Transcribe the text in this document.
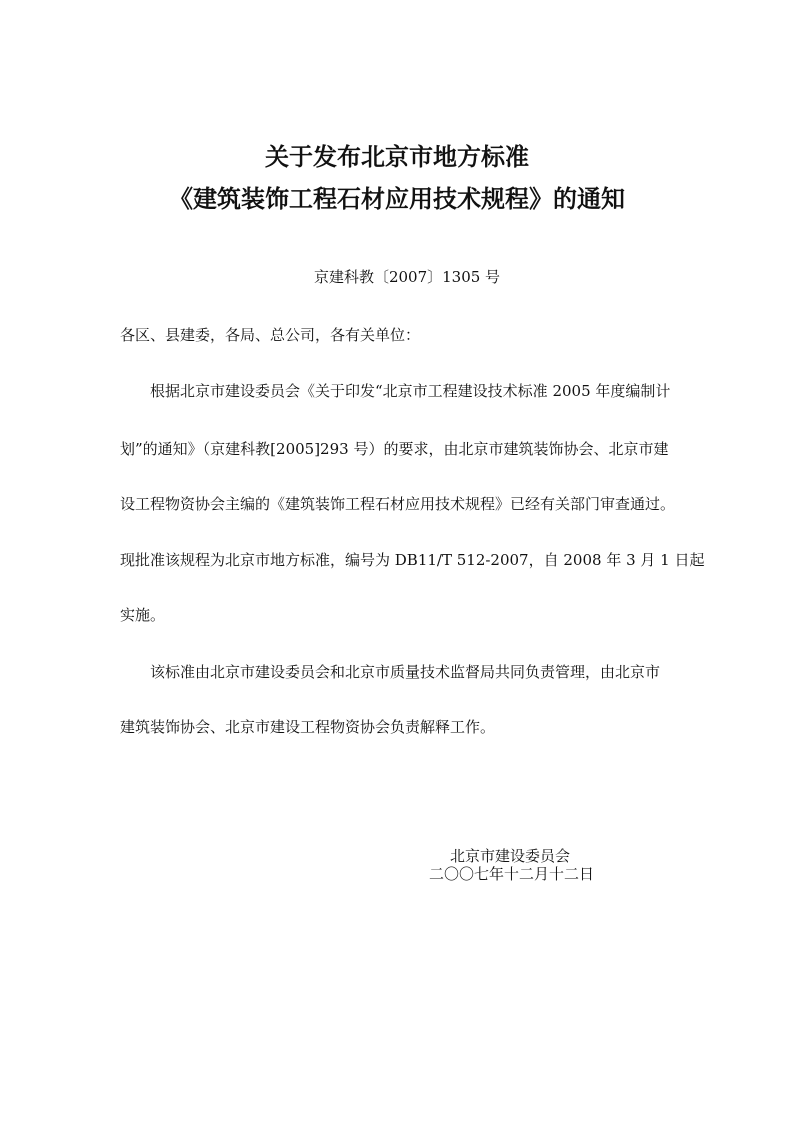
关于发布北京市地方标准
《建筑装饰工程石材应用技术规程》的通知
京建科教〔2007〕1305 号
各区、县建委，各局、总公司，各有关单位：
根据北京市建设委员会《关于印发“北京市工程建设技术标准 2005 年度编制计
划”的通知》（京建科教[2005]293 号）的要求，由北京市建筑装饰协会、北京市建
设工程物资协会主编的《建筑装饰工程石材应用技术规程》已经有关部门审查通过。
现批准该规程为北京市地方标准，编号为 DB11/T 512-2007，自 2008 年 3 月 1 日起
实施。
该标准由北京市建设委员会和北京市质量技术监督局共同负责管理，由北京市
建筑装饰协会、北京市建设工程物资协会负责解释工作。
北京市建设委员会
二〇〇七年十二月十二日
